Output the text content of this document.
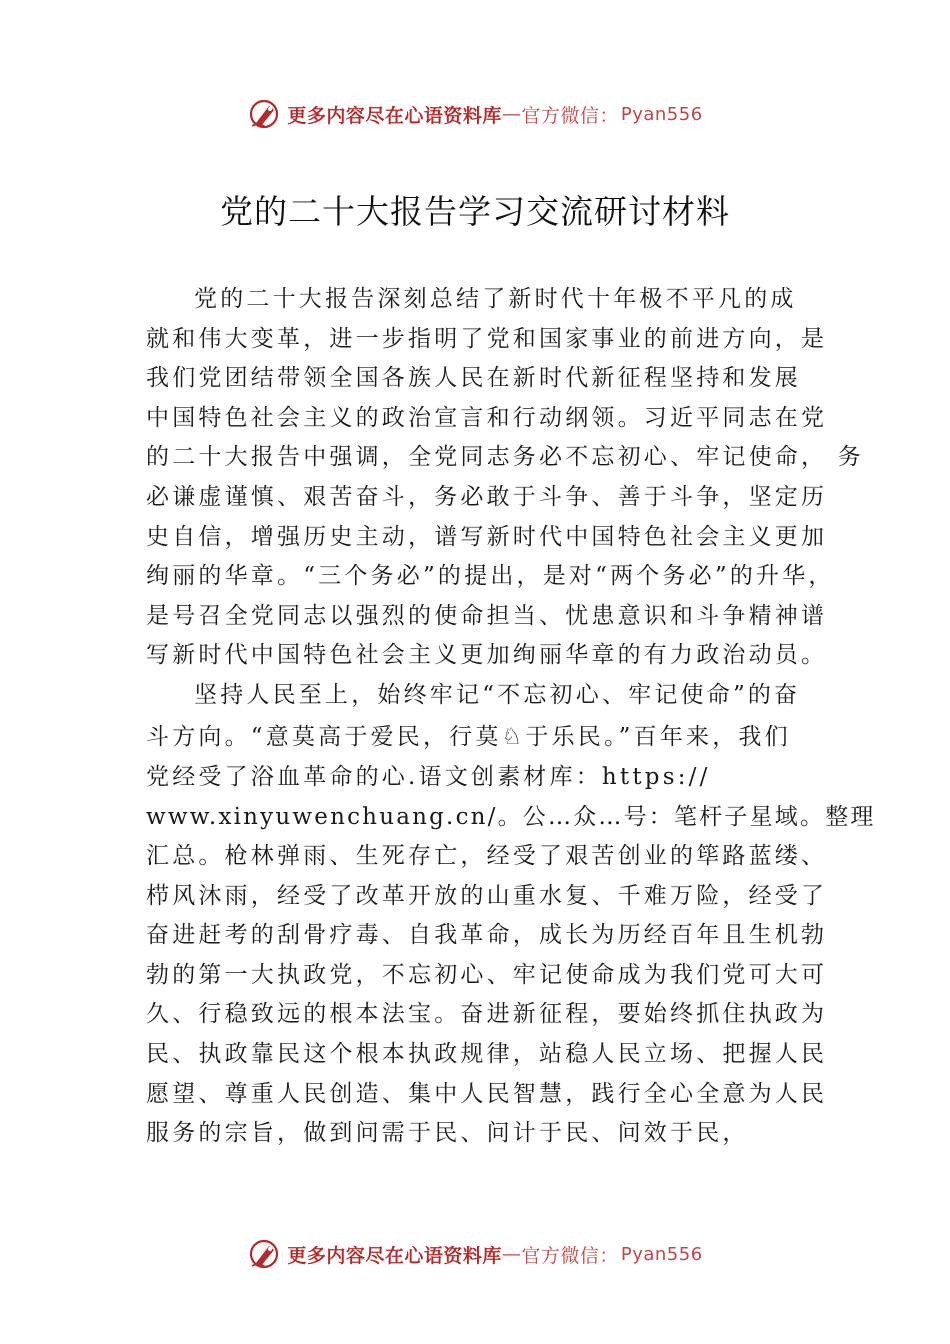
更多内容尽在心语资料库 — 官方微信： Pyan556
党的二十大报告学习交流研讨材料

党的二十大报告深刻总结了新时代十年极不平凡的成

就和伟大变革，进一步指明了党和国家事业的前进方向，是

我们党团结带领全国各族人民在新时代新征程坚持和发展

中国特色社会主义的政治宣言和行动纲领。习近平同志在党

的二十大报告中强调，全党同志务必不忘初心、牢记使命， 务

必谦虚谨慎、艰苦奋斗，务必敢于斗争、善于斗争，坚定历

史自信，增强历史主动，谱写新时代中国特色社会主义更加

绚丽的华章。“三个务必”的提出，是对“两个务必”的升华，

是号召全党同志以强烈的使命担当、忧患意识和斗争精神谱

写新时代中国特色社会主义更加绚丽华章的有力政治动员。

坚持人民至上，始终牢记“不忘初心、牢记使命”的奋

斗方向。“意莫高于爱民，行莫♘于乐民。”百年来，我们

党经受了浴血革命的心.语文创素材库：https://

www.xinyuwenchuang.cn/。公…众…号：笔杆子星域。整理

汇总。枪林弹雨、生死存亡，经受了艰苦创业的筚路蓝缕、

栉风沐雨，经受了改革开放的山重水复、千难万险，经受了

奋进赶考的刮骨疗毒、自我革命，成长为历经百年且生机勃

勃的第一大执政党，不忘初心、牢记使命成为我们党可大可

久、行稳致远的根本法宝。奋进新征程，要始终抓住执政为

民、执政靠民这个根本执政规律，站稳人民立场、把握人民

愿望、尊重人民创造、集中人民智慧，践行全心全意为人民

服务的宗旨，做到问需于民、问计于民、问效于民，

更多内容尽在心语资料库 — 官方微信： Pyan556
